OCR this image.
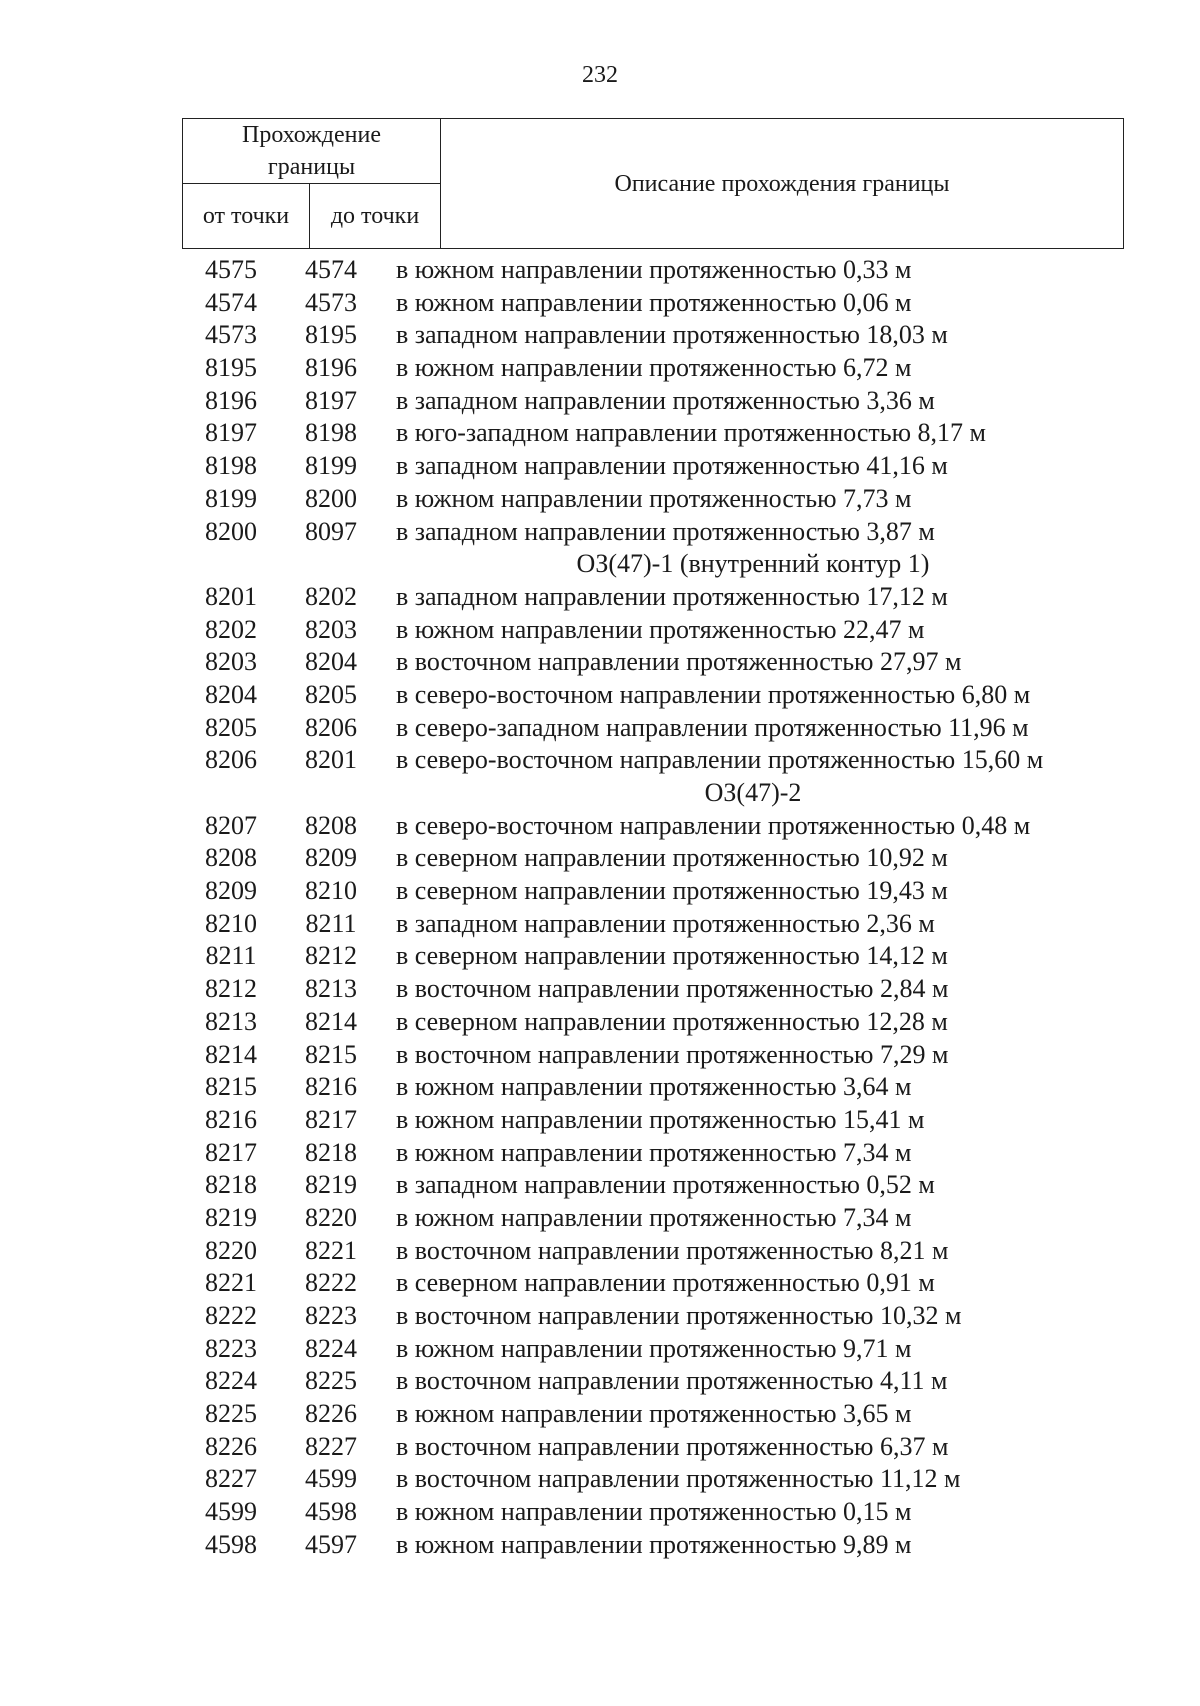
232
Прохождение границы		Описание прохождения границы
от точки	до точки	
4575	4574	в южном направлении протяженностью 0,33 м
4574	4573	в южном направлении протяженностью 0,06 м
4573	8195	в западном направлении протяженностью 18,03 м
8195	8196	в южном направлении протяженностью 6,72 м
8196	8197	в западном направлении протяженностью 3,36 м
8197	8198	в юго-западном направлении протяженностью 8,17 м
8198	8199	в западном направлении протяженностью 41,16 м
8199	8200	в южном направлении протяженностью 7,73 м
8200	8097	в западном направлении протяженностью 3,87 м
ОЗ(47)-1 (внутренний контур 1)
8201	8202	в западном направлении протяженностью 17,12 м
8202	8203	в южном направлении протяженностью 22,47 м
8203	8204	в восточном направлении протяженностью 27,97 м
8204	8205	в северо-восточном направлении протяженностью 6,80 м
8205	8206	в северо-западном направлении протяженностью 11,96 м
8206	8201	в северо-восточном направлении протяженностью 15,60 м
ОЗ(47)-2
8207	8208	в северо-восточном направлении протяженностью 0,48 м
8208	8209	в северном направлении протяженностью 10,92 м
8209	8210	в северном направлении протяженностью 19,43 м
8210	8211	в западном направлении протяженностью 2,36 м
8211	8212	в северном направлении протяженностью 14,12 м
8212	8213	в восточном направлении протяженностью 2,84 м
8213	8214	в северном направлении протяженностью 12,28 м
8214	8215	в восточном направлении протяженностью 7,29 м
8215	8216	в южном направлении протяженностью 3,64 м
8216	8217	в южном направлении протяженностью 15,41 м
8217	8218	в южном направлении протяженностью 7,34 м
8218	8219	в западном направлении протяженностью 0,52 м
8219	8220	в южном направлении протяженностью 7,34 м
8220	8221	в восточном направлении протяженностью 8,21 м
8221	8222	в северном направлении протяженностью 0,91 м
8222	8223	в восточном направлении протяженностью 10,32 м
8223	8224	в южном направлении протяженностью 9,71 м
8224	8225	в восточном направлении протяженностью 4,11 м
8225	8226	в южном направлении протяженностью 3,65 м
8226	8227	в восточном направлении протяженностью 6,37 м
8227	4599	в восточном направлении протяженностью 11,12 м
4599	4598	в южном направлении протяженностью 0,15 м
4598	4597	в южном направлении протяженностью 9,89 м
